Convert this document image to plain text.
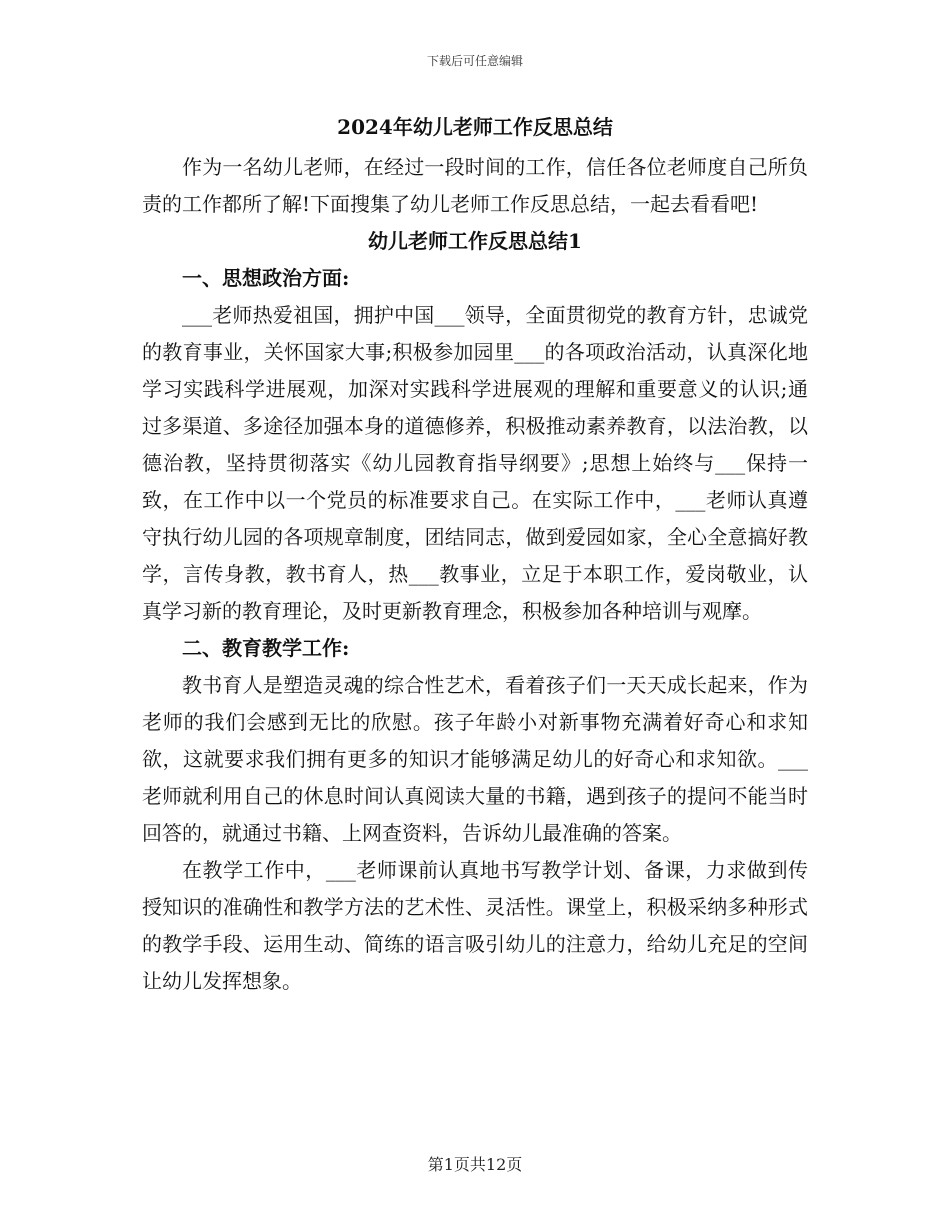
下载后可任意编辑
2024年幼儿老师工作反思总结

作为一名幼儿老师，在经过一段时间的工作，信任各位老师度自己所负责的工作都所了解!下面搜集了幼儿老师工作反思总结，一起去看看吧!

幼儿老师工作反思总结1
一、思想政治方面:

___老师热爱祖国，拥护中国___领导，全面贯彻党的教育方针，忠诚党的教育事业，关怀国家大事;积极参加园里___的各项政治活动，认真深化地学习实践科学进展观，加深对实践科学进展观的理解和重要意义的认识;通过多渠道、多途径加强本身的道德修养，积极推动素养教育，以法治教，以德治教，坚持贯彻落实《幼儿园教育指导纲要》;思想上始终与___保持一致，在工作中以一个党员的标准要求自己。在实际工作中，___老师认真遵守执行幼儿园的各项规章制度，团结同志，做到爱园如家，全心全意搞好教学，言传身教，教书育人，热___教事业，立足于本职工作，爱岗敬业，认真学习新的教育理论，及时更新教育理念，积极参加各种培训与观摩。

二、教育教学工作:

教书育人是塑造灵魂的综合性艺术，看着孩子们一天天成长起来，作为老师的我们会感到无比的欣慰。孩子年龄小对新事物充满着好奇心和求知欲，这就要求我们拥有更多的知识才能够满足幼儿的好奇心和求知欲。___老师就利用自己的休息时间认真阅读大量的书籍，遇到孩子的提问不能当时回答的，就通过书籍、上网查资料，告诉幼儿最准确的答案。

在教学工作中，___老师课前认真地书写教学计划、备课，力求做到传授知识的准确性和教学方法的艺术性、灵活性。课堂上，积极采纳多种形式的教学手段、运用生动、简练的语言吸引幼儿的注意力，给幼儿充足的空间让幼儿发挥想象。

第1页共12页
